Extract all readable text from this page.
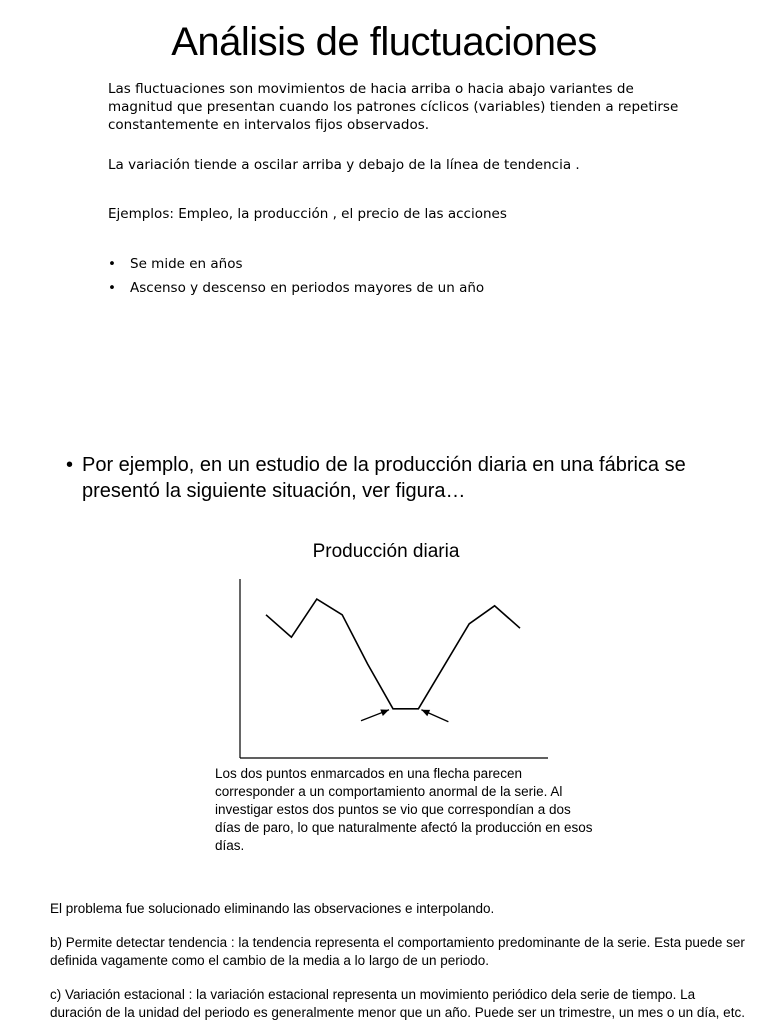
Análisis de fluctuaciones
Las fluctuaciones son movimientos de hacia arriba o hacia abajo variantes de magnitud que presentan cuando los patrones cíclicos (variables) tienden a repetirse constantemente en intervalos fijos observados.
La variación tiende a oscilar arriba y debajo de la línea de tendencia .
Ejemplos: Empleo, la producción , el precio de las acciones
• Se mide en años
• Ascenso y descenso en periodos mayores de un año
• Por ejemplo, en un estudio de la producción diaria en una fábrica se presentó la siguiente situación, ver figura…
Producción diaria
Los dos puntos enmarcados en una flecha parecen corresponder a un comportamiento anormal de la serie. Al investigar estos dos puntos se vio que correspondían a dos días de paro, lo que naturalmente afectó la producción en esos días.
El problema fue solucionado eliminando las observaciones e interpolando.
b) Permite detectar tendencia : la tendencia representa el comportamiento predominante de la serie. Esta puede ser definida vagamente como el cambio de la media a lo largo de un periodo.
c) Variación estacional : la variación estacional representa un movimiento periódico dela serie de tiempo. La duración de la unidad del periodo es generalmente menor que un año. Puede ser un trimestre, un mes o un día, etc.
